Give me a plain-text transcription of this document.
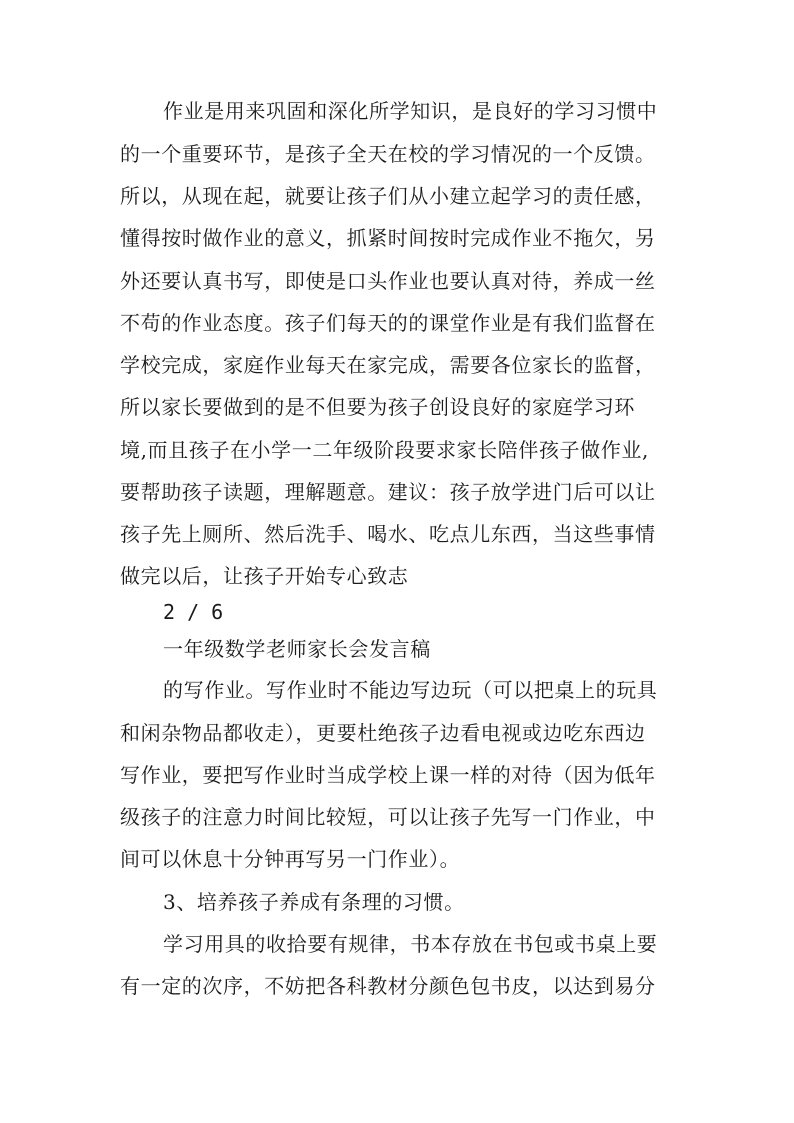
作业是用来巩固和深化所学知识，是良好的学习习惯中
的一个重要环节，是孩子全天在校的学习情况的一个反馈。
所以，从现在起，就要让孩子们从小建立起学习的责任感，
懂得按时做作业的意义，抓紧时间按时完成作业不拖欠，另
外还要认真书写，即使是口头作业也要认真对待，养成一丝
不苟的作业态度。孩子们每天的的课堂作业是有我们监督在
学校完成，家庭作业每天在家完成，需要各位家长的监督，
所以家长要做到的是不但要为孩子创设良好的家庭学习环
境,而且孩子在小学一二年级阶段要求家长陪伴孩子做作业,
要帮助孩子读题，理解题意。建议：孩子放学进门后可以让
孩子先上厕所、然后洗手、喝水、吃点儿东西，当这些事情
做完以后，让孩子开始专心致志
2 / 6
一年级数学老师家长会发言稿
的写作业。写作业时不能边写边玩（可以把桌上的玩具
和闲杂物品都收走），更要杜绝孩子边看电视或边吃东西边
写作业，要把写作业时当成学校上课一样的对待（因为低年
级孩子的注意力时间比较短，可以让孩子先写一门作业，中
间可以休息十分钟再写另一门作业）。
3、培养孩子养成有条理的习惯。
学习用具的收拾要有规律，书本存放在书包或书桌上要
有一定的次序，不妨把各科教材分颜色包书皮，以达到易分
